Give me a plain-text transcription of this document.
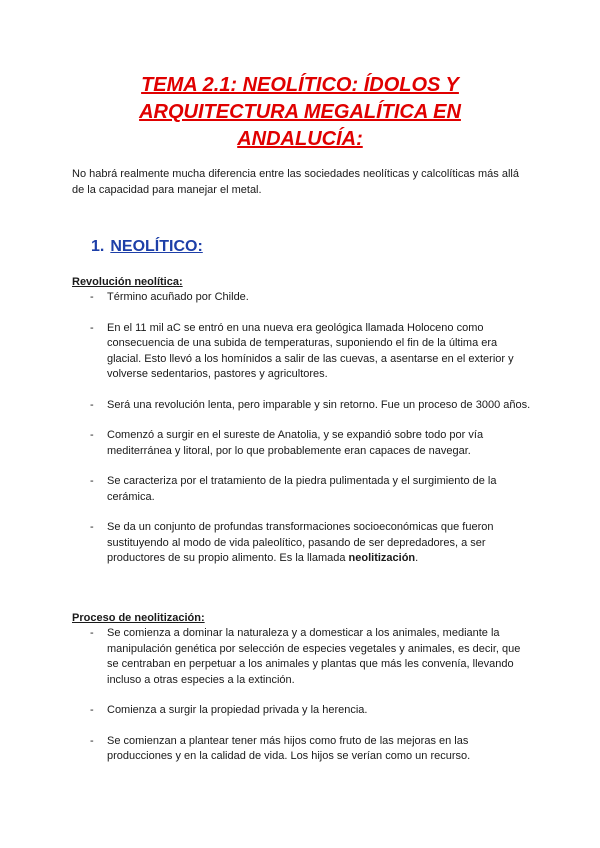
TEMA 2.1: NEOLÍTICO: ÍDOLOS Y ARQUITECTURA MEGALÍTICA EN ANDALUCÍA:

No habrá realmente mucha diferencia entre las sociedades neolíticas y calcolíticas más allá de la capacidad para manejar el metal.

1. NEOLÍTICO:
Revolución neolítica:
- Término acuñado por Childe.
- En el 11 mil aC se entró en una nueva era geológica llamada Holoceno como consecuencia de una subida de temperaturas, suponiendo el fin de la última era glacial. Esto llevó a los homínidos a salir de las cuevas, a asentarse en el exterior y volverse sedentarios, pastores y agricultores.
- Será una revolución lenta, pero imparable y sin retorno. Fue un proceso de 3000 años.
- Comenzó a surgir en el sureste de Anatolia, y se expandió sobre todo por vía mediterránea y litoral, por lo que probablemente eran capaces de navegar.
- Se caracteriza por el tratamiento de la piedra pulimentada y el surgimiento de la cerámica.
- Se da un conjunto de profundas transformaciones socioeconómicas que fueron sustituyendo al modo de vida paleolítico, pasando de ser depredadores, a ser productores de su propio alimento. Es la llamada neolitización.
Proceso de neolitización:
- Se comienza a dominar la naturaleza y a domesticar a los animales, mediante la manipulación genética por selección de especies vegetales y animales, es decir, que se centraban en perpetuar a los animales y plantas que más les convenía, llevando incluso a otras especies a la extinción.
- Comienza a surgir la propiedad privada y la herencia.
- Se comienzan a plantear tener más hijos como fruto de las mejoras en las producciones y en la calidad de vida. Los hijos se verían como un recurso.
